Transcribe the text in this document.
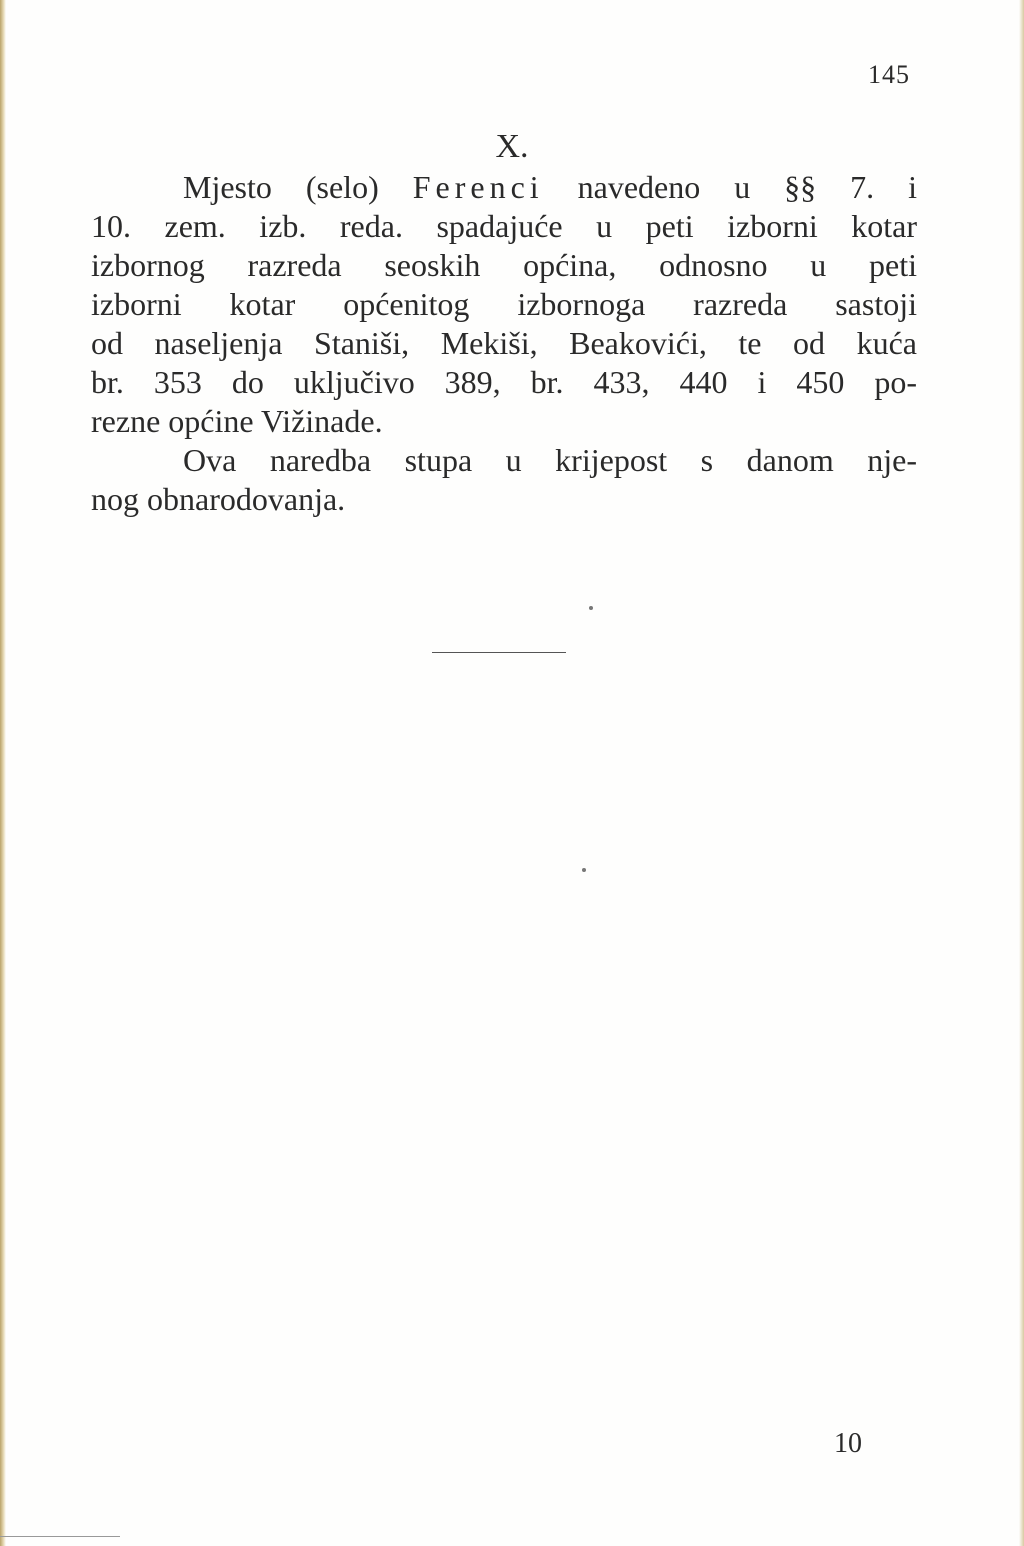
145
X.
Mjesto (selo) Ferenci navedeno u §§ 7. i
10. zem. izb. reda. spadajuće u peti izborni kotar
izbornog razreda seoskih općina, odnosno u peti
izborni kotar općenitog izbornoga razreda sastoji
od naseljenja Staniši, Mekiši, Beakovići, te od kuća
br. 353 do uključivo 389, br. 433, 440 i 450 po-
rezne općine Vižinade.
Ova naredba stupa u krijepost s danom nje-
nog obnarodovanja.
10
